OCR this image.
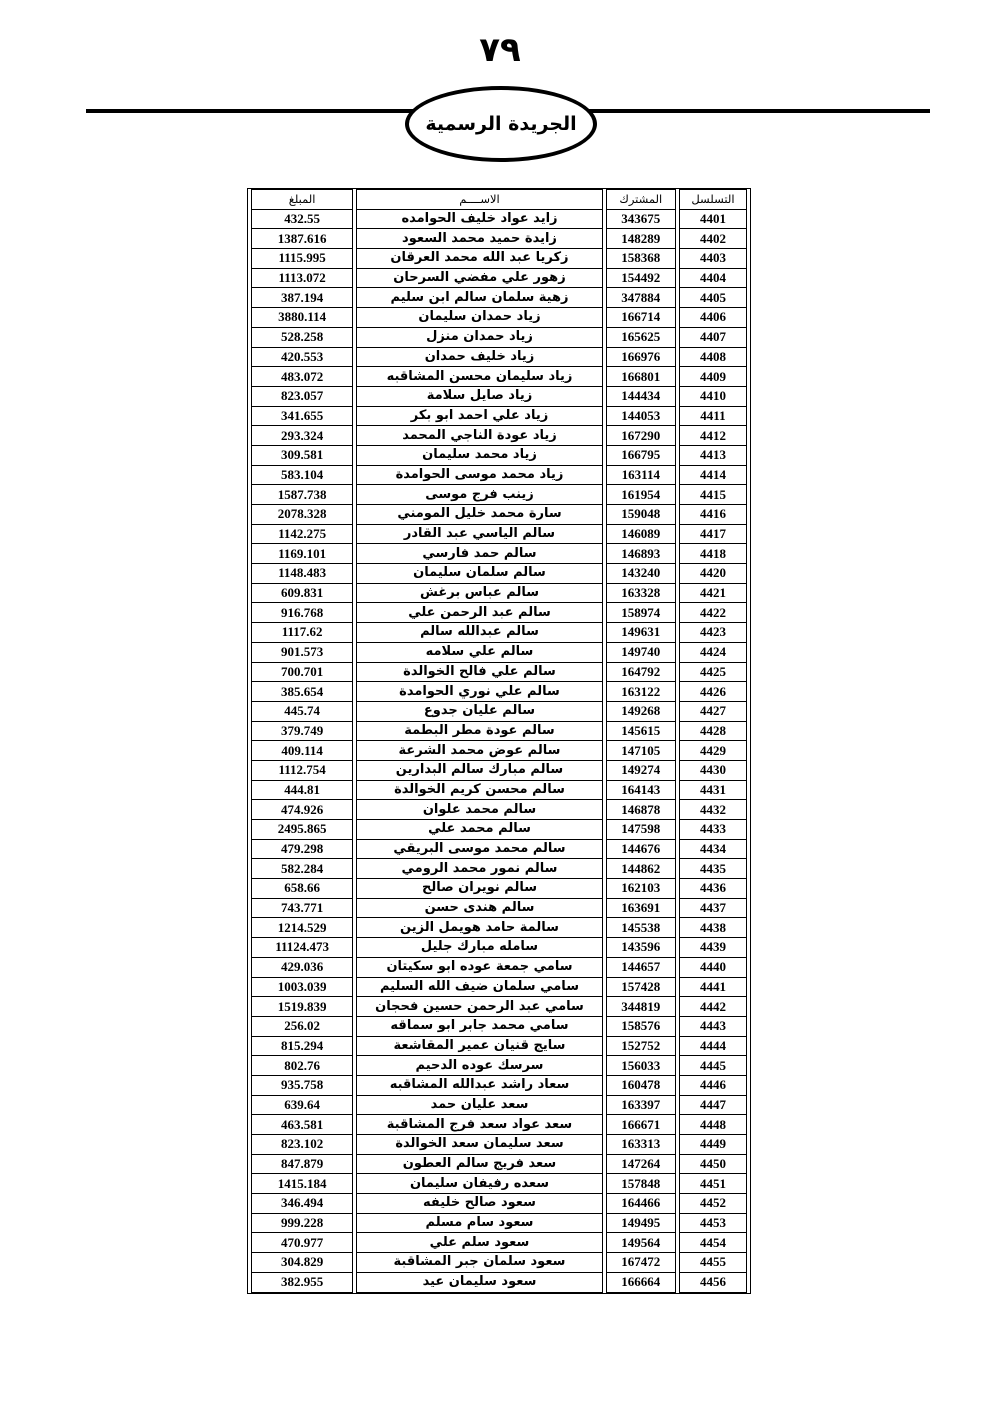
٧٩
الجريدة الرسمية
التسلسل	المشترك	الاســــم	المبلغ
4401	343675	زايد عواد خليف الحوامده	432.55
4402	148289	زايدة حميد محمد السعود	1387.616
4403	158368	زكريا عبد الله محمد العرقان	1115.995
4404	154492	زهور علي مفضي السرحان	1113.072
4405	347884	زهية سلمان سالم ابن سليم	387.194
4406	166714	زياد حمدان سليمان	3880.114
4407	165625	زياد حمدان منزل	528.258
4408	166976	زياد خليف حمدان	420.553
4409	166801	زياد سليمان محسن المشاقبه	483.072
4410	144434	زياد صايل سلامة	823.057
4411	144053	زياد علي احمد ابو بكر	341.655
4412	167290	زياد عودة الناجي المحمد	293.324
4413	166795	زياد محمد سليمان	309.581
4414	163114	زياد محمد موسى الحوامدة	583.104
4415	161954	زينب فرج موسى	1587.738
4416	159048	سارة محمد خليل المومني	2078.328
4417	146089	سالم الياسي عبد القادر	1142.275
4418	146893	سالم حمد فارسي	1169.101
4420	143240	سالم سلمان سليمان	1148.483
4421	163328	سالم عباس برغش	609.831
4422	158974	سالم عبد الرحمن علي	916.768
4423	149631	سالم عبدالله سالم	1117.62
4424	149740	سالم علي سلامه	901.573
4425	164792	سالم علي فالح الخوالدة	700.701
4426	163122	سالم علي نوري الحوامدة	385.654
4427	149268	سالم عليان جدوع	445.74
4428	145615	سالم عودة مطر البطمة	379.749
4429	147105	سالم عوض محمد الشرعة	409.114
4430	149274	سالم مبارك سالم البدارين	1112.754
4431	164143	سالم محسن كريم الخوالدة	444.81
4432	146878	سالم محمد علوان	474.926
4433	147598	سالم محمد علي	2495.865
4434	144676	سالم محمد موسى البريقي	479.298
4435	144862	سالم نمور محمد الرومي	582.284
4436	162103	سالم نويران صالح	658.66
4437	163691	سالم هندى حسن	743.771
4438	145538	سالمة حامد هويمل الزين	1214.529
4439	143596	سامله مبارك جليل	11124.473
4440	144657	سامي جمعة عوده ابو سكيتان	429.036
4441	157428	سامي سلمان ضيف الله السليم	1003.039
4442	344819	سامي عبد الرحمن حسين فحجان	1519.839
4443	158576	سامي محمد جابر ابو سماقه	256.02
4444	152752	سايج قنيان عمير المقاشعة	815.294
4445	156033	سرسك عوده الدحيم	802.76
4446	160478	سعاد راشد عبدالله المشاقبه	935.758
4447	163397	سعد عليان حمد	639.64
4448	166671	سعد عواد سعد فرج المشاقبة	463.581
4449	163313	سعد سليمان سعد الخوالدة	823.102
4450	147264	سعد فريج سالم العطون	847.879
4451	157848	سعده رفيفان سليمان	1415.184
4452	164466	سعود صالح خليفه	346.494
4453	149495	سعود سام مسلم	999.228
4454	149564	سعود سلم علي	470.977
4455	167472	سعود سلمان جبر المشاقبة	304.829
4456	166664	سعود سليمان عيد	382.955
